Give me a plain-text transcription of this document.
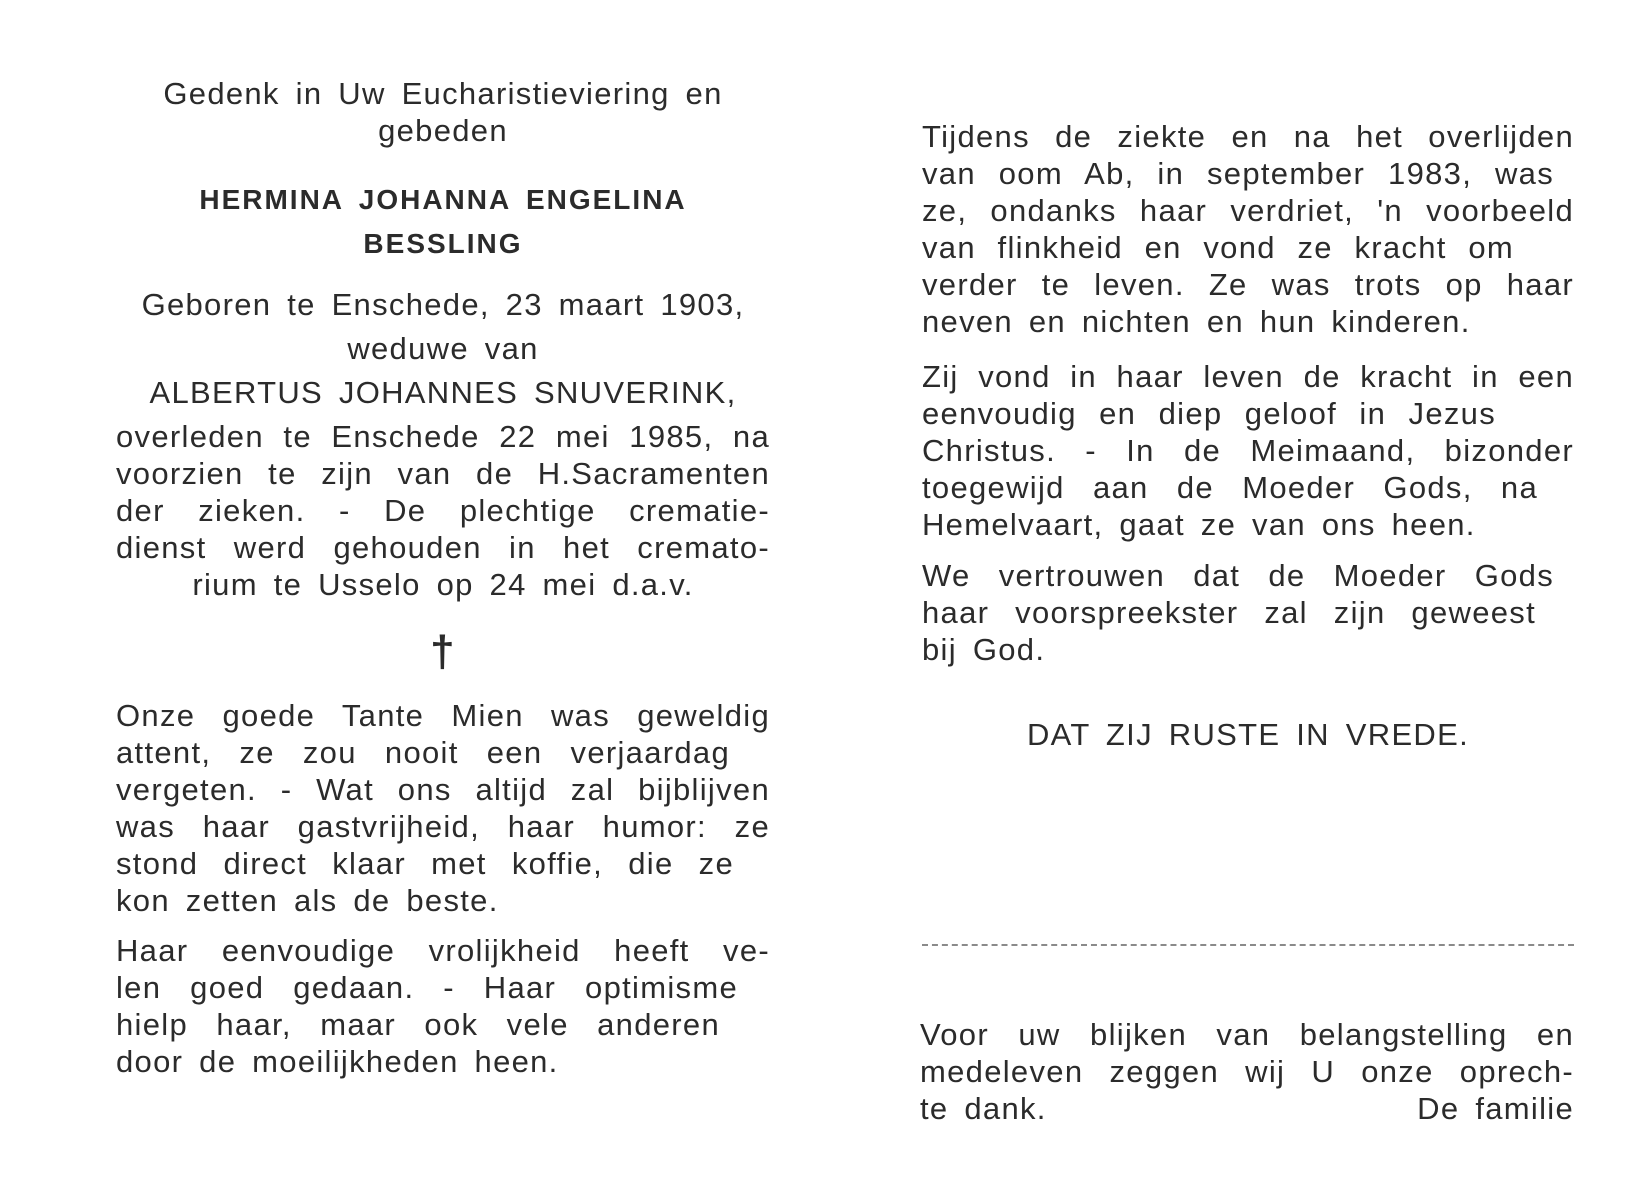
Gedenk in Uw Eucharistieviering en
gebeden

HERMINA JOHANNA ENGELINA
BESSLING

Geboren te Enschede, 23 maart 1903,
weduwe van
ALBERTUS JOHANNES SNUVERINK,

overleden te Enschede 22 mei 1985, na
voorzien te zijn van de H.Sacramenten
der zieken. - De plechtige crematie-
dienst werd gehouden in het cremato-
rium te Usselo op 24 mei d.a.v.

†

Onze goede Tante Mien was geweldig
attent, ze zou nooit een verjaardag
vergeten. - Wat ons altijd zal bijblijven
was haar gastvrijheid, haar humor: ze
stond direct klaar met koffie, die ze
kon zetten als de beste.

Haar eenvoudige vrolijkheid heeft ve-
len goed gedaan. - Haar optimisme
hielp haar, maar ook vele anderen
door de moeilijkheden heen.

Tijdens de ziekte en na het overlijden
van oom Ab, in september 1983, was
ze, ondanks haar verdriet, 'n voorbeeld
van flinkheid en vond ze kracht om
verder te leven. Ze was trots op haar
neven en nichten en hun kinderen.

Zij vond in haar leven de kracht in een
eenvoudig en diep geloof in Jezus
Christus. - In de Meimaand, bizonder
toegewijd aan de Moeder Gods, na
Hemelvaart, gaat ze van ons heen.

We vertrouwen dat de Moeder Gods
haar voorspreekster zal zijn geweest
bij God.

DAT ZIJ RUSTE IN VREDE.

Voor uw blijken van belangstelling en
medeleven zeggen wij U onze oprech-
te dank.	De familie
